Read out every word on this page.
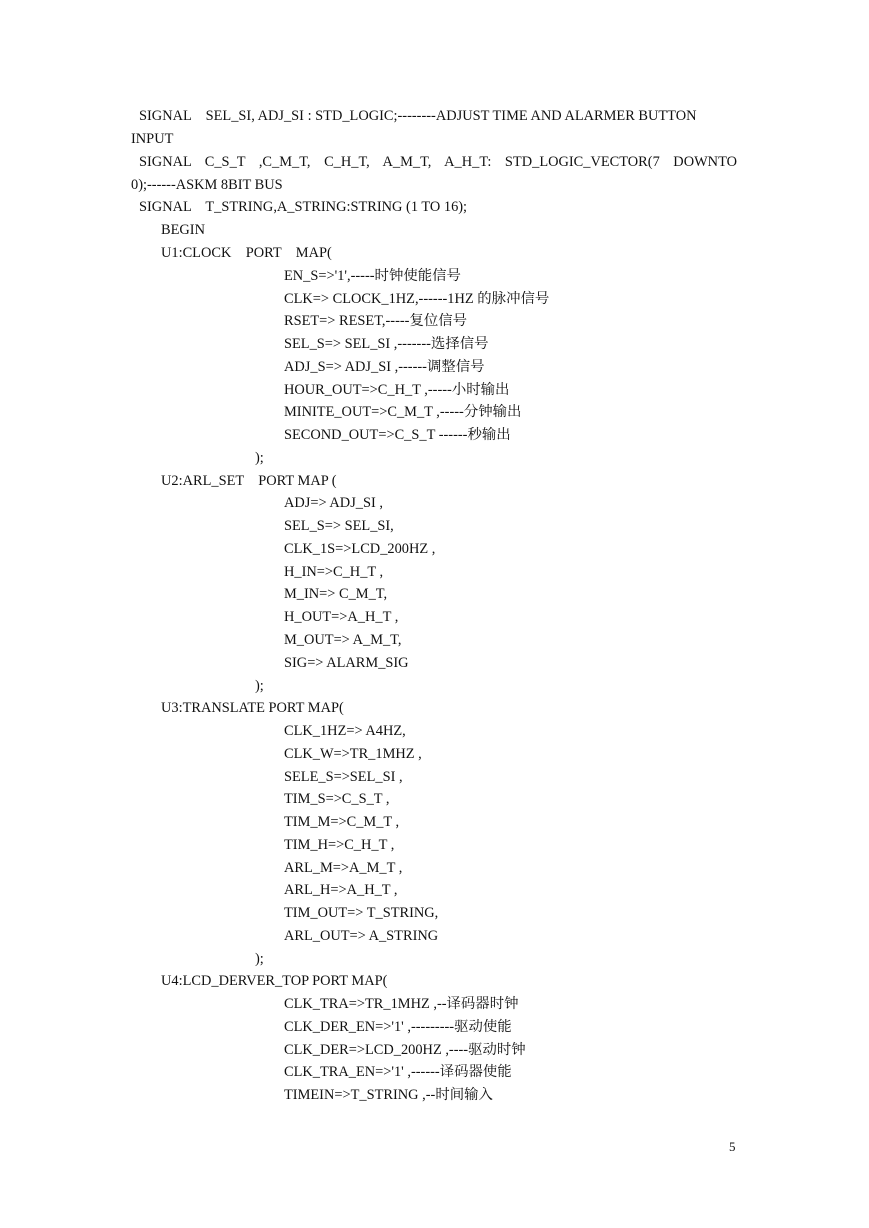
SIGNAL    SEL_SI, ADJ_SI : STD_LOGIC;--------ADJUST TIME AND ALARMER BUTTON

INPUT

SIGNAL C_S_T ,C_M_T, C_H_T, A_M_T, A_H_T: STD_LOGIC_VECTOR(7 DOWNTO

0);------ASKM 8BIT BUS

SIGNAL    T_STRING,A_STRING:STRING (1 TO 16);

BEGIN

U1:CLOCK    PORT    MAP(

EN_S=>'1',-----时钟使能信号

CLK=> CLOCK_1HZ,------1HZ 的脉冲信号

RSET=> RESET,-----复位信号

SEL_S=> SEL_SI ,-------选择信号

ADJ_S=> ADJ_SI ,------调整信号

HOUR_OUT=>C_H_T ,-----小时输出

MINITE_OUT=>C_M_T ,-----分钟输出

SECOND_OUT=>C_S_T ------秒输出

);

U2:ARL_SET    PORT MAP (

ADJ=> ADJ_SI ,

SEL_S=> SEL_SI,

CLK_1S=>LCD_200HZ ,

H_IN=>C_H_T ,

M_IN=> C_M_T,

H_OUT=>A_H_T ,

M_OUT=> A_M_T,

SIG=> ALARM_SIG

);

U3:TRANSLATE PORT MAP(

CLK_1HZ=> A4HZ,

CLK_W=>TR_1MHZ ,

SELE_S=>SEL_SI ,

TIM_S=>C_S_T ,

TIM_M=>C_M_T ,

TIM_H=>C_H_T ,

ARL_M=>A_M_T ,

ARL_H=>A_H_T ,

TIM_OUT=> T_STRING,

ARL_OUT=> A_STRING

);

U4:LCD_DERVER_TOP PORT MAP(

CLK_TRA=>TR_1MHZ ,--译码器时钟

CLK_DER_EN=>'1' ,---------驱动使能

CLK_DER=>LCD_200HZ ,----驱动时钟

CLK_TRA_EN=>'1' ,------译码器使能

TIMEIN=>T_STRING ,--时间输入

5
